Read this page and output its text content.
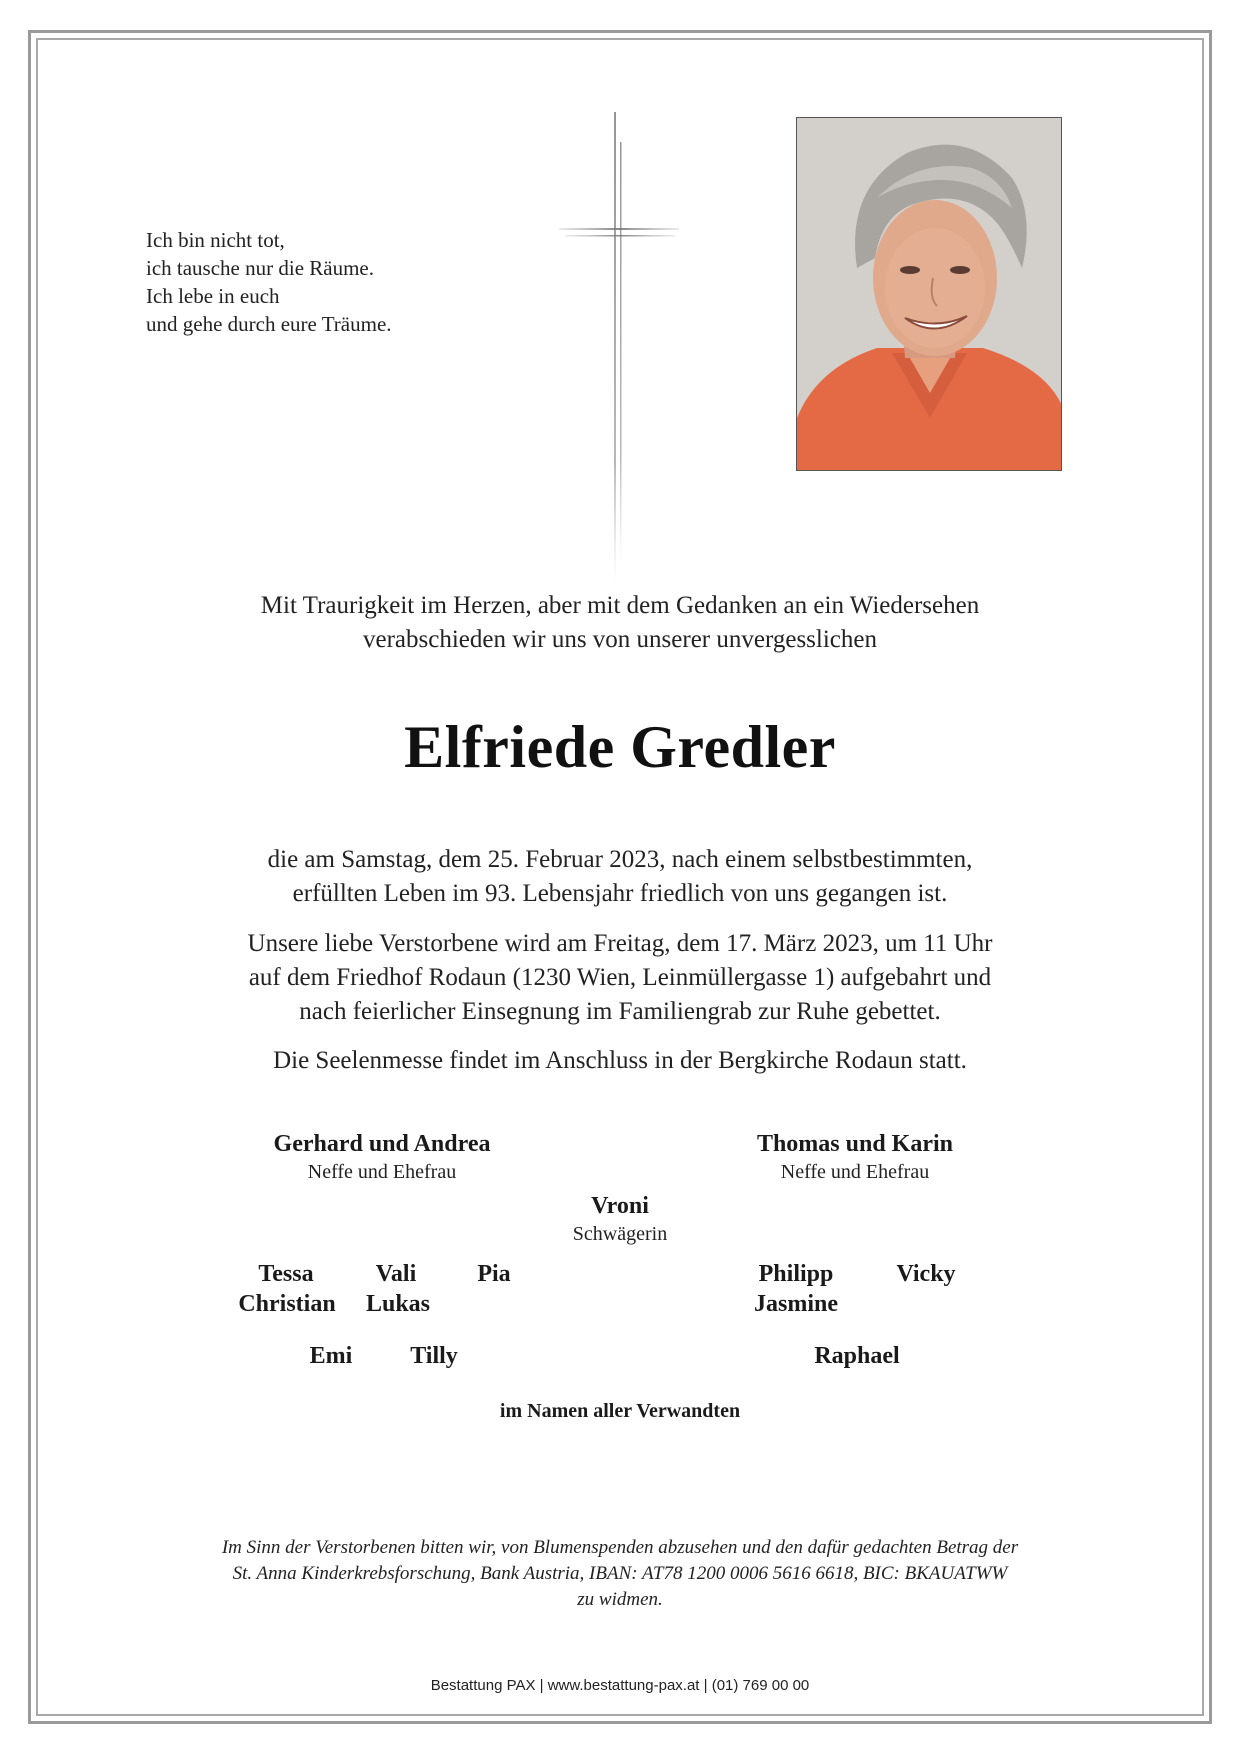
Ich bin nicht tot,
ich tausche nur die Räume.
Ich lebe in euch
und gehe durch eure Träume.
Mit Traurigkeit im Herzen, aber mit dem Gedanken an ein Wiedersehen
verabschieden wir uns von unserer unvergesslichen
Elfriede Gredler
die am Samstag, dem 25. Februar 2023, nach einem selbstbestimmten,
erfüllten Leben im 93. Lebensjahr friedlich von uns gegangen ist.
Unsere liebe Verstorbene wird am Freitag, dem 17. März 2023, um 11 Uhr
auf dem Friedhof Rodaun (1230 Wien, Leinmüllergasse 1) aufgebahrt und
nach feierlicher Einsegnung im Familiengrab zur Ruhe gebettet.
Die Seelenmesse findet im Anschluss in der Bergkirche Rodaun statt.
Gerhard und Andrea
Neffe und Ehefrau
Thomas und Karin
Neffe und Ehefrau
Vroni
Schwägerin
Tessa	Vali	Pia
Christian Lukas
Philipp	Vicky
Jasmine
Emi Tilly	Raphael
im Namen aller Verwandten
Im Sinn der Verstorbenen bitten wir, von Blumenspenden abzusehen und den dafür gedachten Betrag der
St. Anna Kinderkrebsforschung, Bank Austria, IBAN: AT78 1200 0006 5616 6618, BIC: BKAUATWW
zu widmen.
Bestattung PAX | www.bestattung-pax.at | (01) 769 00 00
